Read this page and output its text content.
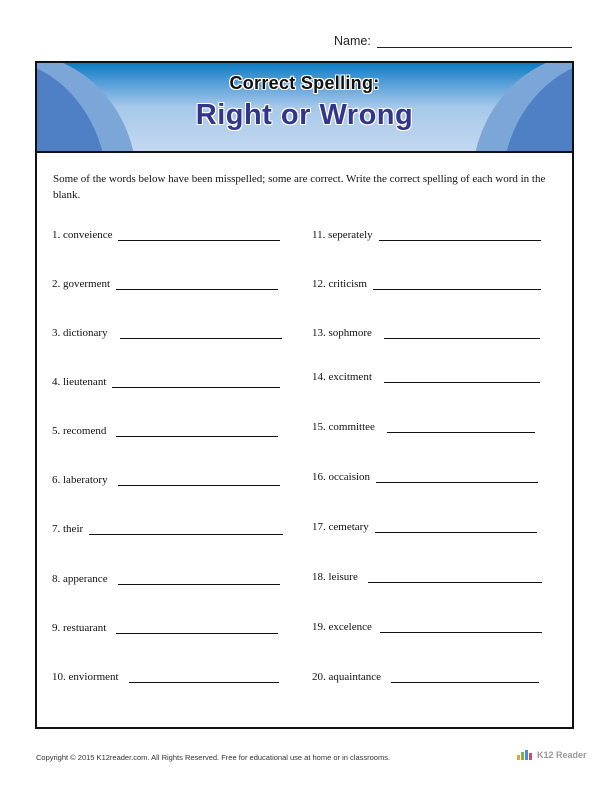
Name:
Correct Spelling:
Right or Wrong
Some of the words below have been misspelled; some are correct. Write the correct spelling of each word in the blank.
1. conveience
2. goverment
3. dictionary
4. lieutenant
5. recomend
6. laberatory
7. their
8. apperance
9. restuarant
10. enviorment
11. seperately
12. criticism
13. sophmore
14. excitment
15. committee
16. occaision
17. cemetary
18. leisure
19. excelence
20. aquaintance
Copyright © 2015 K12reader.com. All Rights Reserved. Free for educational use at home or in classrooms.	K12 Reader
